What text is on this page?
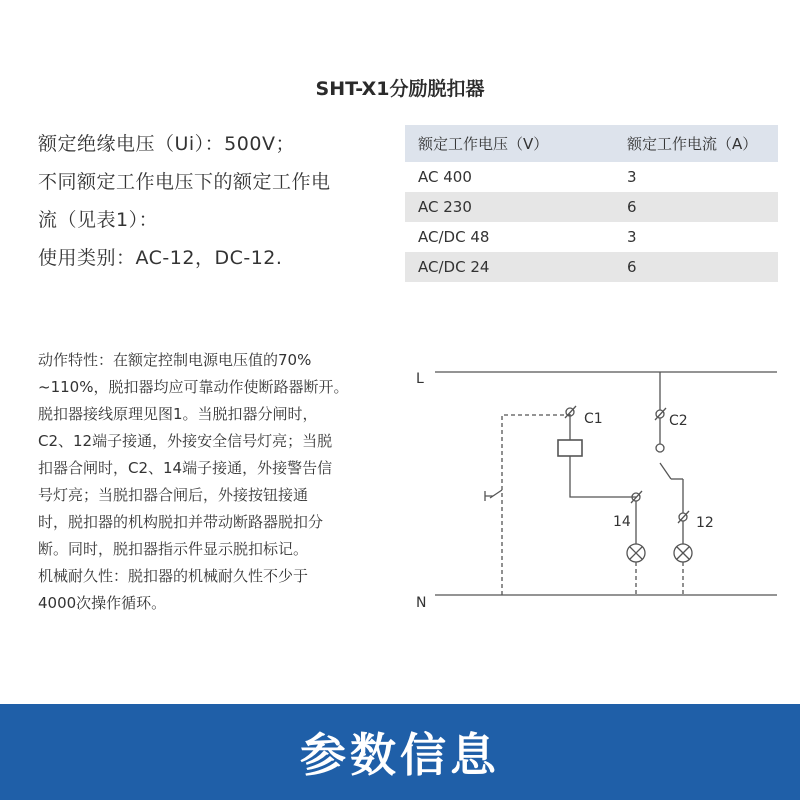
SHT-X1分励脱扣器
额定绝缘电压（Ui）：500V；
不同额定工作电压下的额定工作电
流（见表1）：
使用类别：AC-12，DC-12.
额定工作电压（V）	额定工作电流（A）
AC 400	3
AC 230	6
AC/DC 48	3
AC/DC 24	6
动作特性：在额定控制电源电压值的70%
~110%，脱扣器均应可靠动作使断路器断开。
脱扣器接线原理见图1。当脱扣器分闸时，
C2、12端子接通，外接安全信号灯亮；当脱
扣器合闸时，C2、14端子接通，外接警告信
号灯亮；当脱扣器合闸后，外接按钮接通
时，脱扣器的机构脱扣并带动断路器脱扣分
断。同时，脱扣器指示件显示脱扣标记。
机械耐久性：脱扣器的机械耐久性不少于
4000次操作循环。
L
N
C1
14
C2
12
参数信息
